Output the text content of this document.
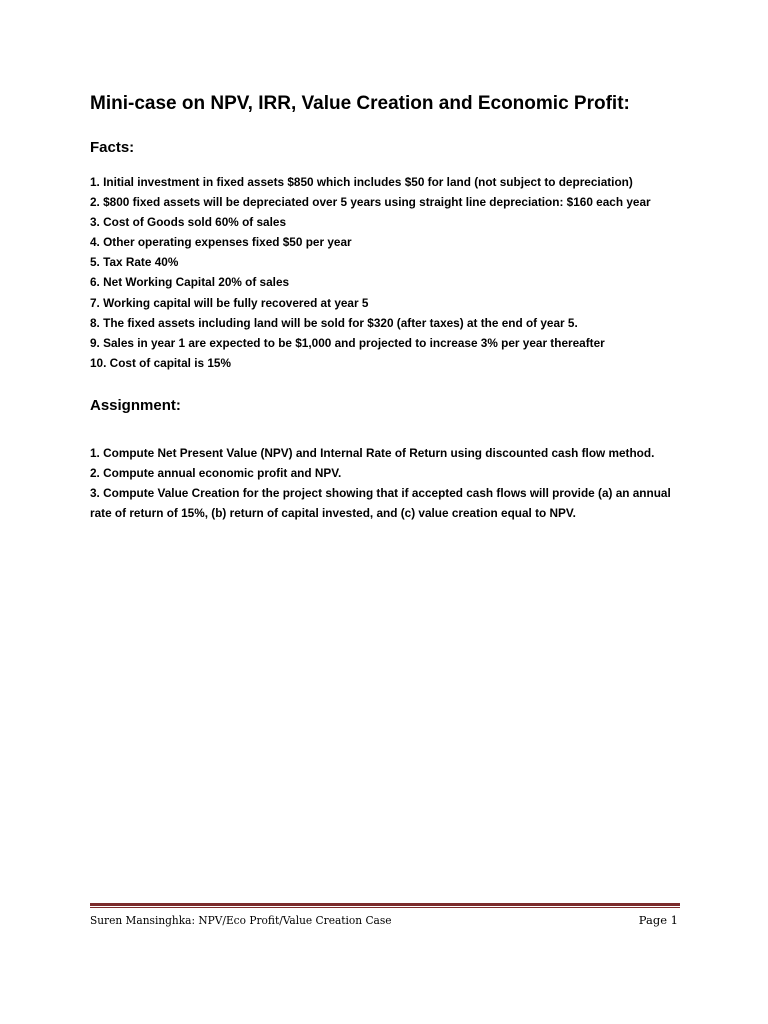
Mini-case on NPV, IRR, Value Creation and Economic Profit:
Facts:
1. Initial investment in fixed assets $850 which includes $50 for land (not subject to depreciation)
2. $800 fixed assets will be depreciated over 5 years using straight line depreciation: $160 each year
3. Cost of Goods sold 60% of sales
4. Other operating expenses fixed $50 per year
5. Tax Rate 40%
6. Net Working Capital 20% of sales
7. Working capital will be fully recovered at year 5
8. The fixed assets including land will be sold for $320 (after taxes) at the end of year 5.
9. Sales in year 1 are expected to be $1,000 and projected to increase 3% per year thereafter
10. Cost of capital is 15%
Assignment:
1. Compute Net Present Value (NPV) and Internal Rate of Return using discounted cash flow method.
2. Compute annual economic profit and NPV.
3. Compute Value Creation for the project showing that if accepted cash flows will provide (a) an annual rate of return of 15%, (b) return of capital invested, and (c) value creation equal to NPV.
Suren Mansinghka: NPV/Eco Profit/Value Creation Case	Page 1
